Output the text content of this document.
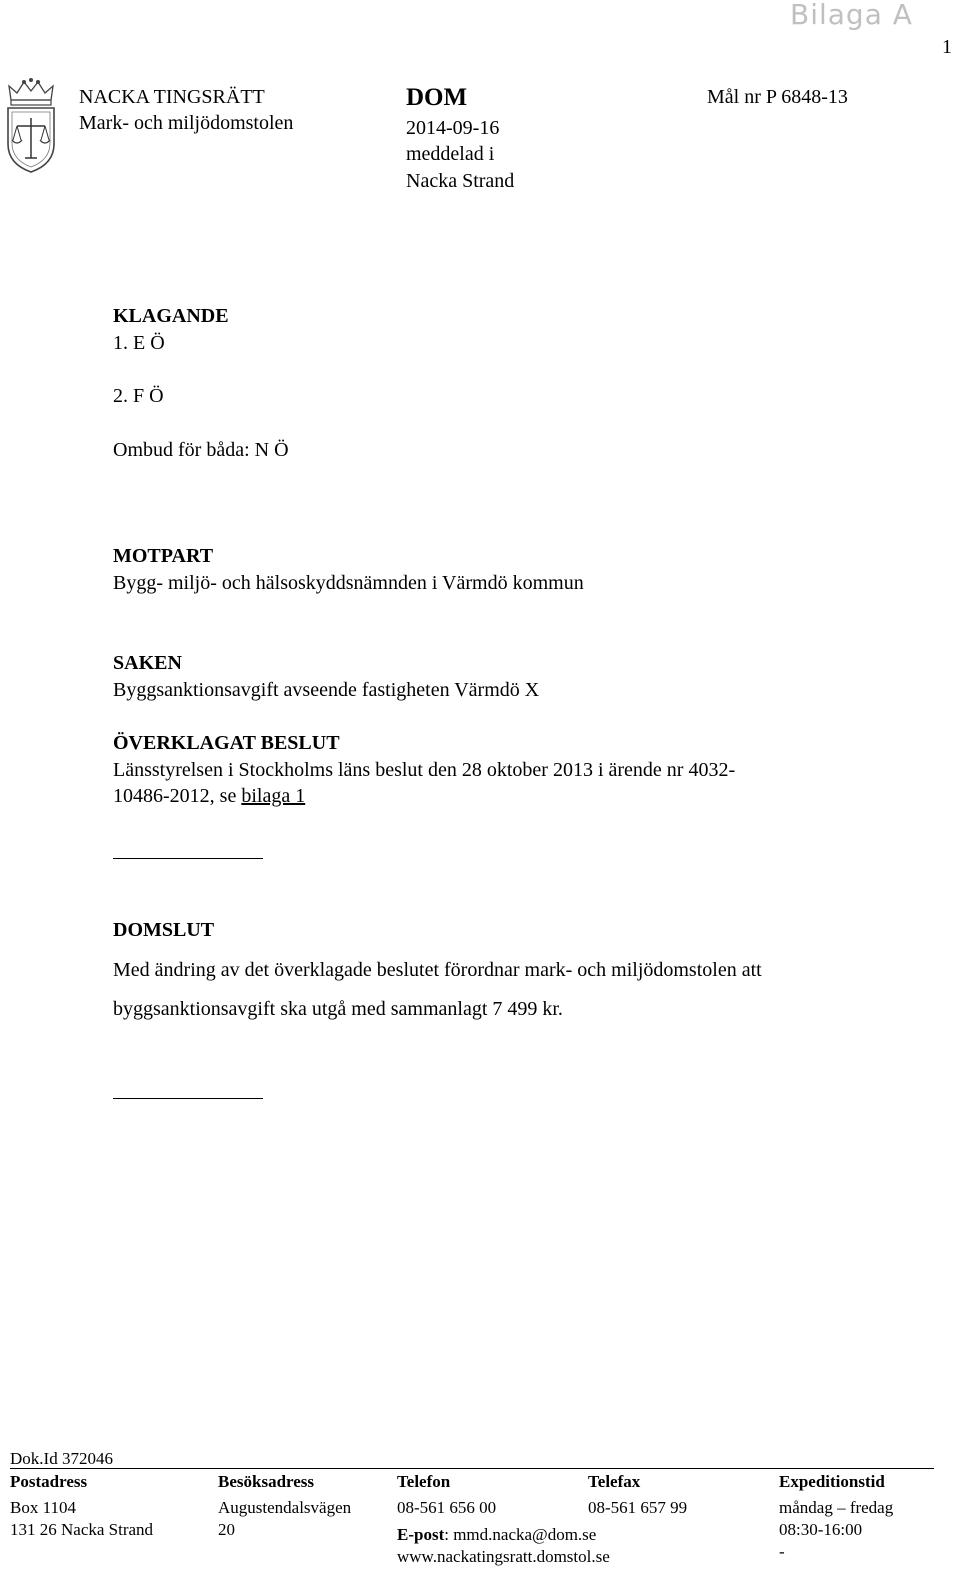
Bilaga A
1
NACKA TINGSRÄTT
Mark- och miljödomstolen
DOM
2014-09-16
meddelad i
Nacka Strand
Mål nr P 6848-13
KLAGANDE
1. E Ö
2. F Ö
Ombud för båda: N Ö
MOTPART
Bygg- miljö- och hälsoskyddsnämnden i Värmdö kommun
SAKEN
Byggsanktionsavgift avseende fastigheten Värmdö X
ÖVERKLAGAT BESLUT
Länsstyrelsen i Stockholms läns beslut den 28 oktober 2013 i ärende nr 4032-
10486-2012, se bilaga 1
DOMSLUT
Med ändring av det överklagade beslutet förordnar mark- och miljödomstolen att
byggsanktionsavgift ska utgå med sammanlagt 7 499 kr.
Dok.Id 372046
Postadress
Box 1104
131 26 Nacka Strand
Besöksadress
Augustendalsvägen
20
Telefon
08-561 656 00
E-post: mmd.nacka@dom.se
www.nackatingsratt.domstol.se
Telefax
08-561 657 99
Expeditionstid
måndag – fredag
08:30-16:00
-
